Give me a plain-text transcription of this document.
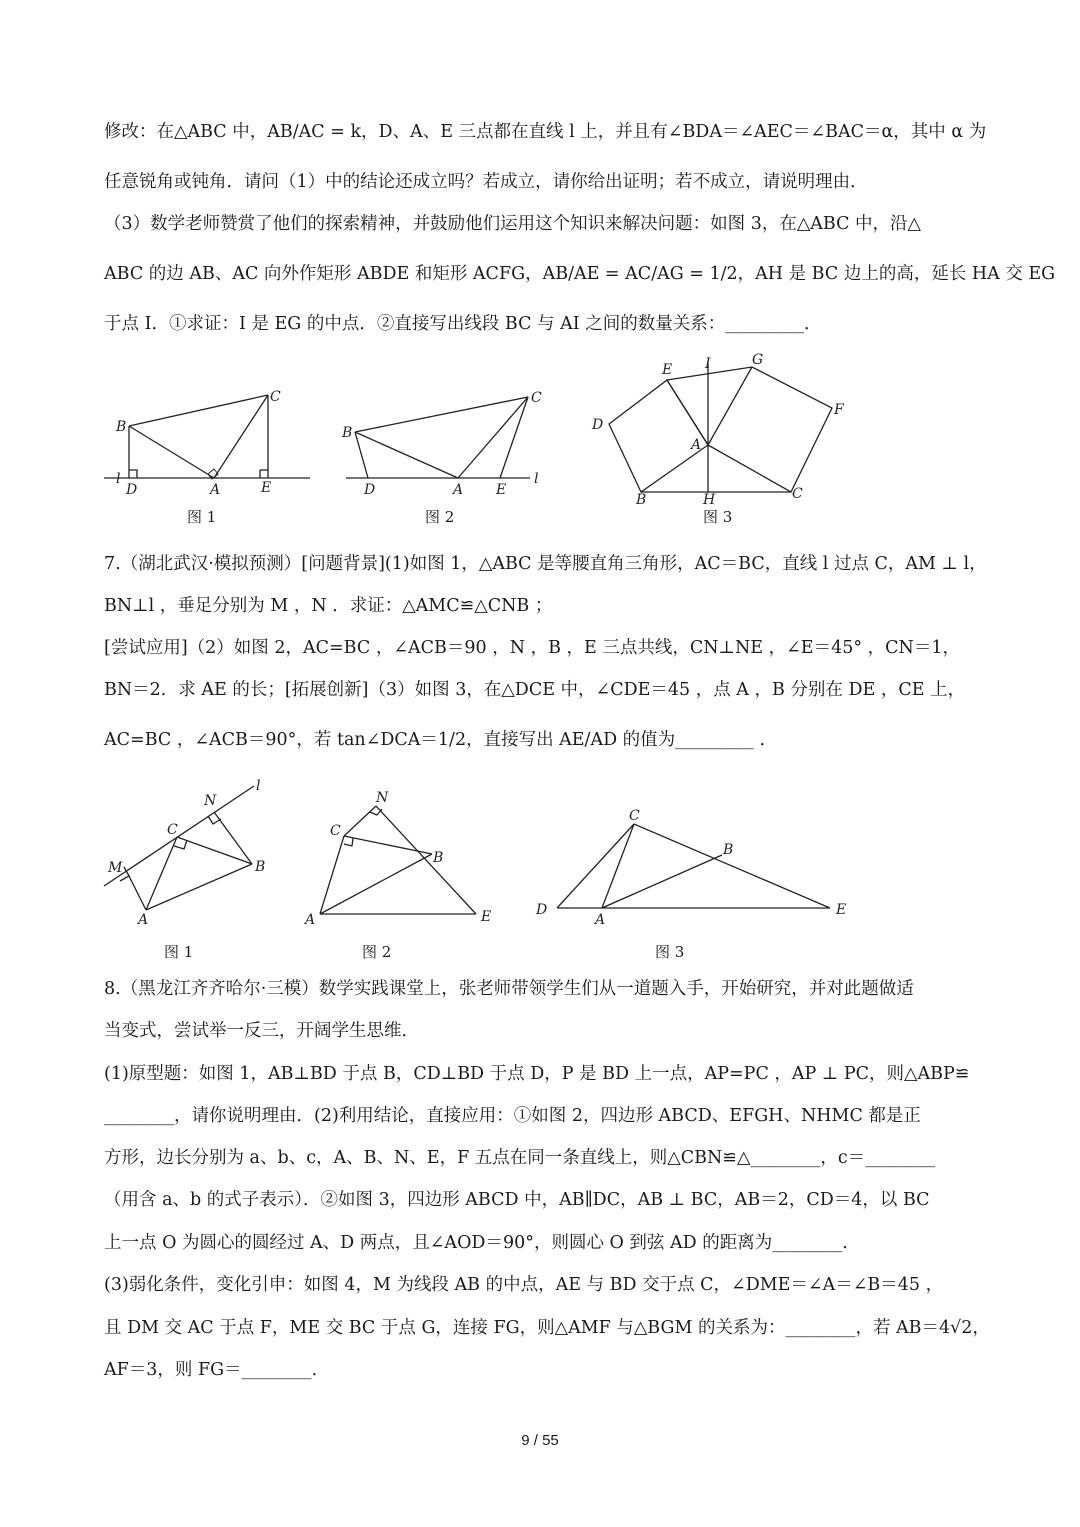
修改：在△ABC 中，AB/AC = k，D、A、E 三点都在直线 l 上，并且有∠BDA＝∠AEC＝∠BAC＝α，其中 α 为
任意锐角或钝角．请问（1）中的结论还成立吗？若成立，请你给出证明；若不成立，请说明理由．
（3）数学老师赞赏了他们的探索精神，并鼓励他们运用这个知识来解决问题：如图 3，在△ABC 中，沿△
ABC 的边 AB、AC 向外作矩形 ABDE 和矩形 ACFG，AB/AE = AC/AG = 1/2，AH 是 BC 边上的高，延长 HA 交 EG
于点 I．①求证：I 是 EG 的中点．②直接写出线段 BC 与 AI 之间的数量关系：_________．
l
B
C
D	A	E
图 1
B
C
D	A E
l
图 2
D
E I	G
F
A
B	H	C
图 3
7.（湖北武汉·模拟预测）[问题背景](1)如图 1，△ABC 是等腰直角三角形，AC＝BC，直线 l 过点 C，AM ⊥ l，
BN⊥l ，垂足分别为 M ，N ．求证：△AMC≌△CNB ；
[尝试应用]（2）如图 2，AC=BC ，∠ACB＝90 ，N ，B ，E 三点共线，CN⊥NE ，∠E＝45° ，CN＝1，
BN＝2．求 AE 的长；[拓展创新]（3）如图 3，在△DCE 中，∠CDE＝45 ，点 A ，B 分别在 DE ，CE 上，
AC=BC ，∠ACB＝90°，若 tan∠DCA＝1/2，直接写出 AE/AD 的值为_________ ．
l
N
C
M	B
A
图 1
N
C
B
A	E
图 2
C
B
D
A
E
图 3
8.（黑龙江齐齐哈尔·三模）数学实践课堂上，张老师带领学生们从一道题入手，开始研究，并对此题做适
当变式，尝试举一反三，开阔学生思维．
(1)原型题：如图 1，AB⊥BD 于点 B，CD⊥BD 于点 D，P 是 BD 上一点，AP=PC ，AP ⊥ PC，则△ABP≌
________，请你说明理由．(2)利用结论，直接应用：①如图 2，四边形 ABCD、EFGH、NHMC 都是正
方形，边长分别为 a、b、c，A、B、N、E，F 五点在同一条直线上，则△CBN≌△________，c＝________
（用含 a、b 的式子表示）．②如图 3，四边形 ABCD 中，AB∥DC，AB ⊥ BC，AB＝2，CD＝4，以 BC
上一点 O 为圆心的圆经过 A、D 两点，且∠AOD＝90°，则圆心 O 到弦 AD 的距离为________．
(3)弱化条件，变化引申：如图 4，M 为线段 AB 的中点，AE 与 BD 交于点 C，∠DME＝∠A＝∠B＝45 ，
且 DM 交 AC 于点 F，ME 交 BC 于点 G，连接 FG，则△AMF 与△BGM 的关系为：________，若 AB＝4√2，
AF＝3，则 FG＝________．
9 / 55
